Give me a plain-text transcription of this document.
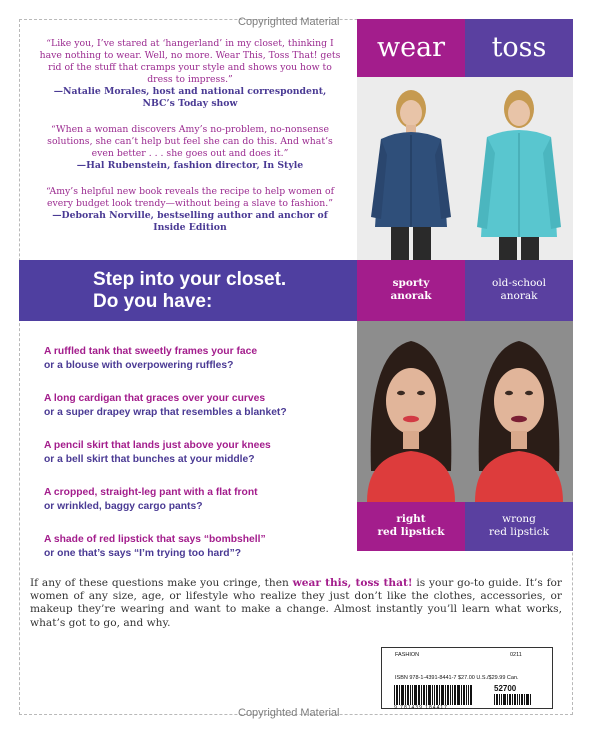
Copyrighted Material
“Like you, I’ve stared at ‘hangerland’ in my closet, thinking I have nothing to wear. Well, no more. Wear This, Toss That! gets rid of the stuff that cramps your style and shows you how to dress to impress.”
—Natalie Morales, host and national correspondent, NBC’s Today show
“When a woman discovers Amy’s no-problem, no-nonsense solutions, she can’t help but feel she can do this. And what’s even better . . . she goes out and does it.”
—Hal Rubenstein, fashion director, In Style
“Amy’s helpful new book reveals the recipe to help women of every budget look trendy—without being a slave to fashion.”
—Deborah Norville, bestselling author and anchor of Inside Edition
wear	toss
Step into your closet.
Do you have:
sporty
anorak
old-school
anorak
right
red lipstick
wrong
red lipstick
A ruffled tank that sweetly frames your face
or a blouse with overpowering ruffles?
A long cardigan that graces over your curves
or a super drapey wrap that resembles a blanket?
A pencil skirt that lands just above your knees
or a bell skirt that bunches at your middle?
A cropped, straight-leg pant with a flat front
or wrinkled, baggy cargo pants?
A shade of red lipstick that says “bombshell”
or one that’s says “I’m trying too hard”?
If any of these questions make you cringe, then wear this, toss that! is your go-to guide. It’s for women of any size, age, or lifestyle who realize they just don’t like the clothes, accessories, or makeup they’re wearing and want to make a change. Almost instantly you’ll learn what works, what’s got to go, and why.
FASHION	0211
ISBN 978-1-4391-8441-7 $27.00 U.S./$29.99 Can.
52700
9 781439 184417
Copyrighted Material
